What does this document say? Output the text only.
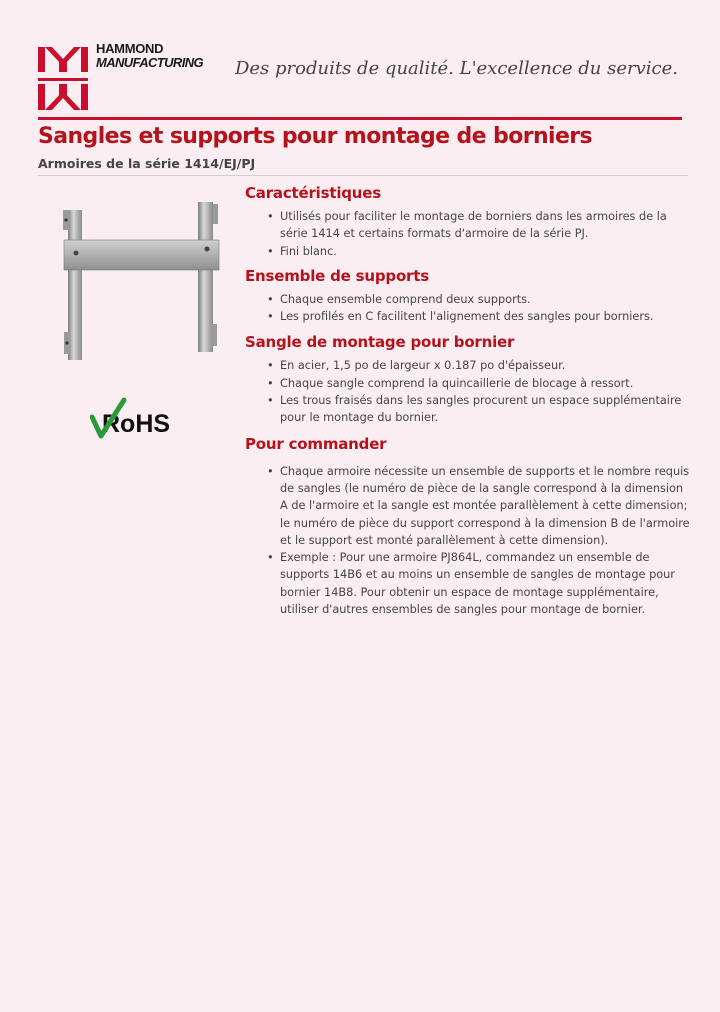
HAMMOND
MANUFACTURING Des produits de qualité. L'excellence du service.
Sangles et supports pour montage de borniers

Armoires de la série 1414/EJ/PJ

RoHS
Caractéristiques
• Utilisés pour faciliter le montage de borniers dans les armoires de la série 1414 et certains formats d'armoire de la série PJ.
• Fini blanc.
Ensemble de supports
• Chaque ensemble comprend deux supports.
• Les profilés en C facilitent l'alignement des sangles pour borniers.
Sangle de montage pour bornier
• En acier, 1,5 po de largeur x 0.187 po d'épaisseur.
• Chaque sangle comprend la quincaillerie de blocage à ressort.
• Les trous fraisés dans les sangles procurent un espace supplémentaire pour le montage du bornier.
Pour commander
• Chaque armoire nécessite un ensemble de supports et le nombre requis de sangles (le numéro de pièce de la sangle correspond à la dimension A de l'armoire et la sangle est montée parallèlement à cette dimension; le numéro de pièce du support correspond à la dimension B de l'armoire et le support est monté parallèlement à cette dimension).
• Exemple : Pour une armoire PJ864L, commandez un ensemble de supports 14B6 et au moins un ensemble de sangles de montage pour bornier 14B8. Pour obtenir un espace de montage supplémentaire, utiliser d'autres ensembles de sangles pour montage de bornier.
